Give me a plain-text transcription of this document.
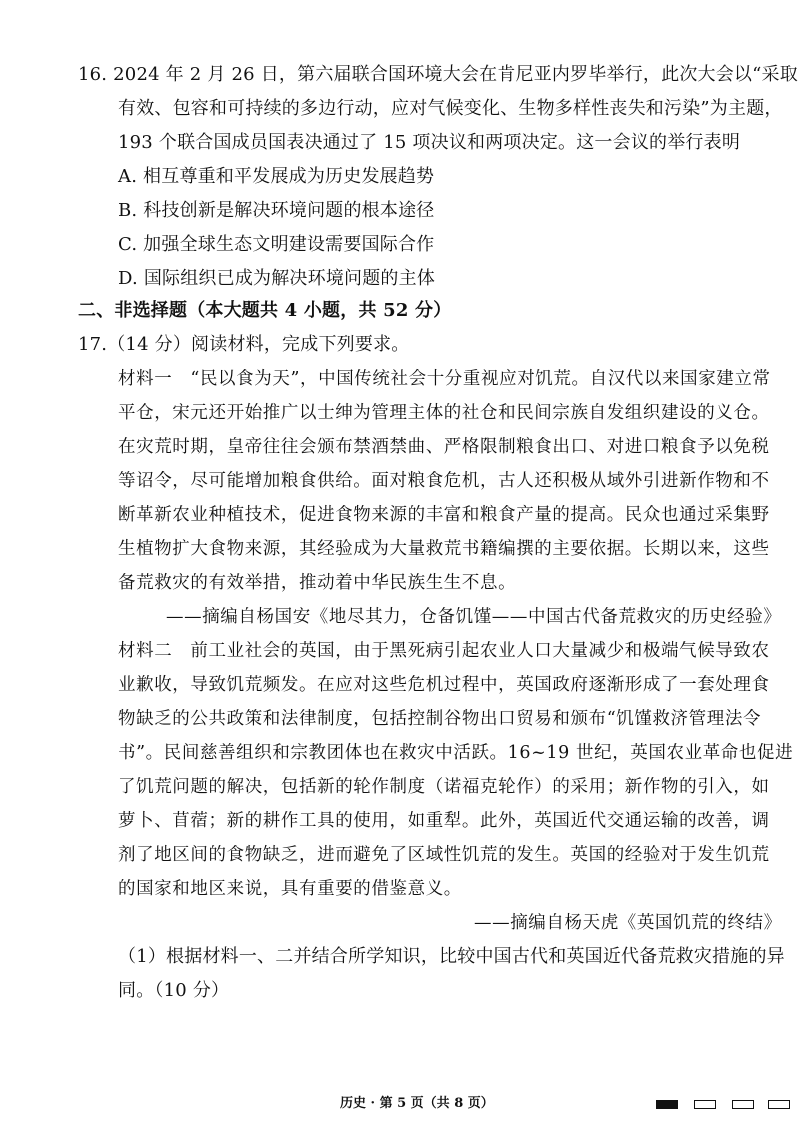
16. 2024 年 2 月 26 日，第六届联合国环境大会在肯尼亚内罗毕举行，此次大会以“采取
有效、包容和可持续的多边行动，应对气候变化、生物多样性丧失和污染”为主题，
193 个联合国成员国表决通过了 15 项决议和两项决定。这一会议的举行表明
A. 相互尊重和平发展成为历史发展趋势
B. 科技创新是解决环境问题的根本途径
C. 加强全球生态文明建设需要国际合作
D. 国际组织已成为解决环境问题的主体
二、非选择题（本大题共 4 小题，共 52 分）
17.（14 分）阅读材料，完成下列要求。
材料一　“民以食为天”，中国传统社会十分重视应对饥荒。自汉代以来国家建立常
平仓，宋元还开始推广以士绅为管理主体的社仓和民间宗族自发组织建设的义仓。
在灾荒时期，皇帝往往会颁布禁酒禁曲、严格限制粮食出口、对进口粮食予以免税
等诏令，尽可能增加粮食供给。面对粮食危机，古人还积极从域外引进新作物和不
断革新农业种植技术，促进食物来源的丰富和粮食产量的提高。民众也通过采集野
生植物扩大食物来源，其经验成为大量救荒书籍编撰的主要依据。长期以来，这些
备荒救灾的有效举措，推动着中华民族生生不息。
——摘编自杨国安《地尽其力，仓备饥馑——中国古代备荒救灾的历史经验》
材料二　前工业社会的英国，由于黑死病引起农业人口大量减少和极端气候导致农
业歉收，导致饥荒频发。在应对这些危机过程中，英国政府逐渐形成了一套处理食
物缺乏的公共政策和法律制度，包括控制谷物出口贸易和颁布“饥馑救济管理法令
书”。民间慈善组织和宗教团体也在救灾中活跃。16~19 世纪，英国农业革命也促进
了饥荒问题的解决，包括新的轮作制度（诺福克轮作）的采用；新作物的引入，如
萝卜、苜蓿；新的耕作工具的使用，如重犁。此外，英国近代交通运输的改善，调
剂了地区间的食物缺乏，进而避免了区域性饥荒的发生。英国的经验对于发生饥荒
的国家和地区来说，具有重要的借鉴意义。
——摘编自杨天虎《英国饥荒的终结》
（1）根据材料一、二并结合所学知识，比较中国古代和英国近代备荒救灾措施的异
同。（10 分）
历史 · 第 5 页（共 8 页）
